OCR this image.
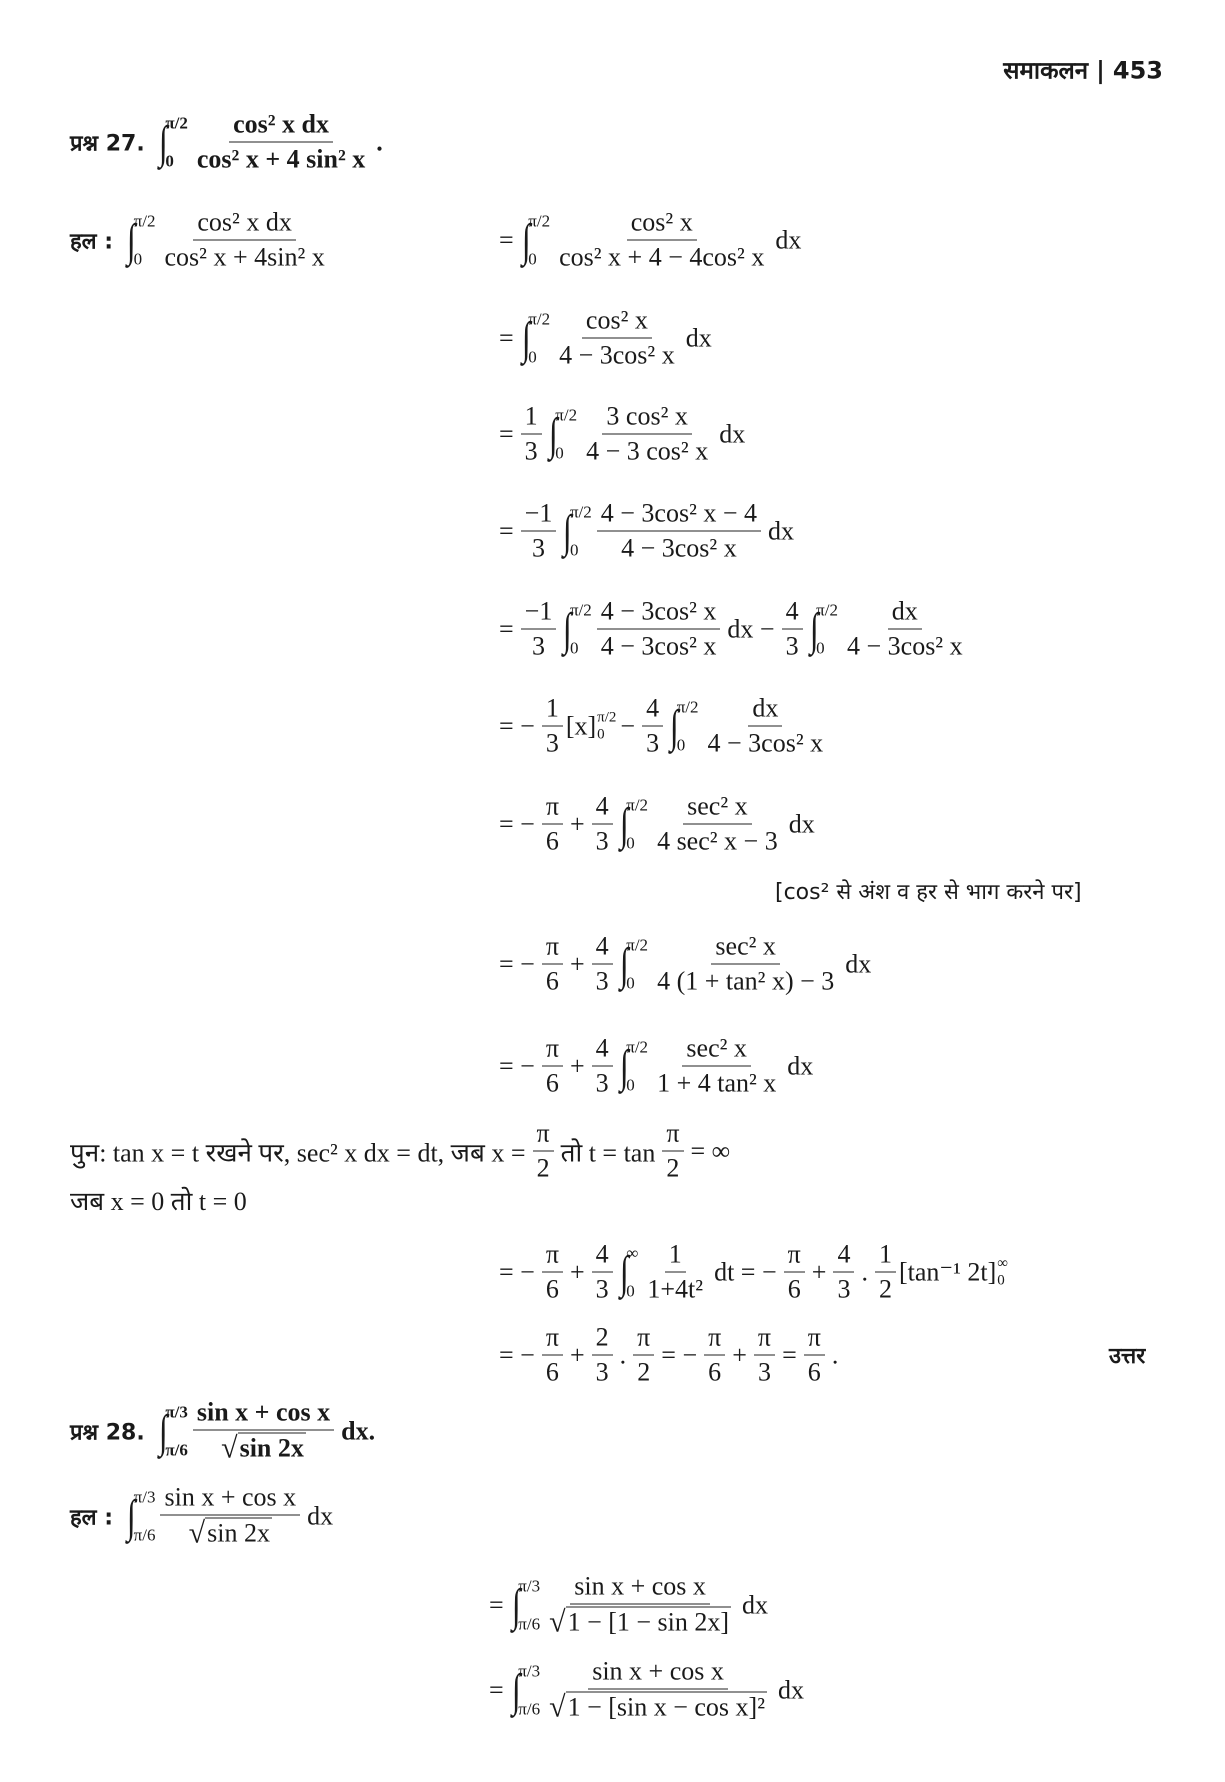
समाकलन | 453
प्रश्न 27. ∫
π/2
$0 \frac{\text{cos² x dx}}{\text{cos² x + 4 sin² x}}$ .
हल : ∫
π/2
$0 \frac{\text{cos² x dx}}{\text{cos² x + 4sin² x}}$	= ∫
π/2
$0 \frac{\text{cos² x}}{\text{cos² x + 4 − 4cos² x}}$ dx
= ∫
π/2
$0 \frac{\text{cos² x}}{\text{4 − 3cos² x}}$ dx
= $\frac{1}{3}$ ∫
π/2
$0 \frac{\text{3 cos² x}}{\text{4 − 3 cos² x}}$ dx
= $\frac{-1}{3}$ ∫
π/2
$0 \frac{\text{4 − 3cos² x − 4}}{\text{4 − 3cos² x}}$ dx
= $\frac{-1}{3}$ ∫
π/2
$0 \frac{\text{4 − 3cos² x}}{\text{4 − 3cos² x}}$ dx − $\frac{4}{3}$ ∫
π/2
$0 \frac{dx}{\text{4 − 3cos² x}}$
= − $\frac{1}{3} [x]$ π/2
$0 - \frac{4}{3}$ ∫
π/2
$0 \frac{dx}{\text{4 − 3cos² x}}$
= − $\frac{\pi}{6} + \frac{4}{3}$ ∫
π/2
0
sec² x
4 sec² x − 3
dx
[cos² से अंश व हर से भाग करने पर]
= − $\frac{\pi}{6} + \frac{4}{3}$ ∫
π/2
0
sec² x
4 (1 + tan² x) − 3
dx
= − $\frac{\pi}{6} + \frac{4}{3}$ ∫
π/2
0
sec² x
1 + 4 tan² x
dx
पुन: tan x = t रखने पर, sec² x dx = dt, जब $x = \frac{\pi}{2}$ तो $t = \tan \frac{\pi}{2}$ = ∞
जब x = 0 तो t = 0
= − $\frac{\pi}{6} + \frac{4}{3}$ ∫
∞
$0 \frac{1}{\text{1+4t²}}$ dt = − $\frac{\pi}{6} + \frac{4}{3}$ . $\frac{1}{2} [\tan^{-1}$ 2t] ∞
0
= − $\frac{\pi}{6} + \frac{2}{3}$ . $\frac{\pi}{2}$ = − $\frac{\pi}{6} + \frac{\pi}{3} = \frac{\pi}{6}$ .	उत्तर
प्रश्न 28. ∫
π/3
$\pi/6 \frac{\text{sin x + cos x}}{√ \sin 2x}$ dx.
हल : ∫
π/3
$\pi/6 \frac{\text{sin x + cos x}}{√ \sin 2x}$ dx
= ∫
π/3
$\pi/6 \frac{\text{sin x + cos x}}{√ 1 - [1 - \sin 2x]}$ dx
= ∫
π/3
$\pi/6 \frac{\text{sin x + cos x}}{\text{√ 1 − [sin x − cos x]²}}$ dx
